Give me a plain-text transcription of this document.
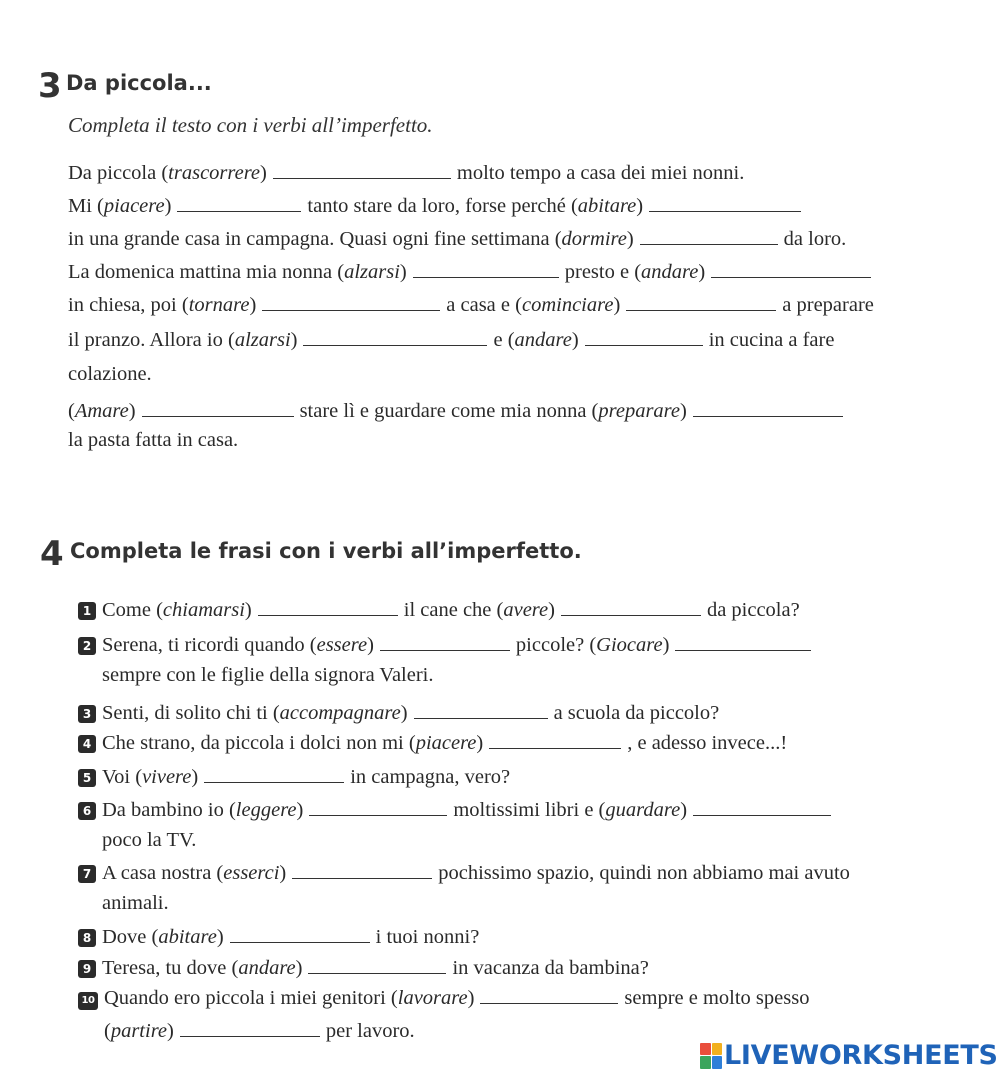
3 Da piccola...
Completa il testo con i verbi all’imperfetto.
Da piccola (trascorrere)	molto tempo a casa dei miei nonni.
Mi (piacere)	tanto stare da loro, forse perché (abitare)
in una grande casa in campagna. Quasi ogni fine settimana (dormire)	da loro.
La domenica mattina mia nonna (alzarsi)	presto e (andare)
in chiesa, poi (tornare)	a casa e (cominciare)	a preparare
il pranzo. Allora io (alzarsi)	e (andare)	in cucina a fare
colazione.
(Amare)	stare lì e guardare come mia nonna (preparare)
la pasta fatta in casa.
4 Completa le frasi con i verbi all’imperfetto.
1 Come (chiamarsi)	il cane che (avere)	da piccola?
2 Serena, ti ricordi quando (essere)	piccole? (Giocare)
sempre con le figlie della signora Valeri.
3 Senti, di solito chi ti (accompagnare)	a scuola da piccolo?
4 Che strano, da piccola i dolci non mi (piacere)	, e adesso invece...!
5 Voi (vivere)	in campagna, vero?
6 Da bambino io (leggere)	moltissimi libri e (guardare)
poco la TV.
7 A casa nostra (esserci)	pochissimo spazio, quindi non abbiamo mai avuto
animali.
8 Dove (abitare)	i tuoi nonni?
9 Teresa, tu dove (andare)	in vacanza da bambina?
10 Quando ero piccola i miei genitori (lavorare)	sempre e molto spesso
(partire)	per lavoro.
LIVEWORKSHEETS
